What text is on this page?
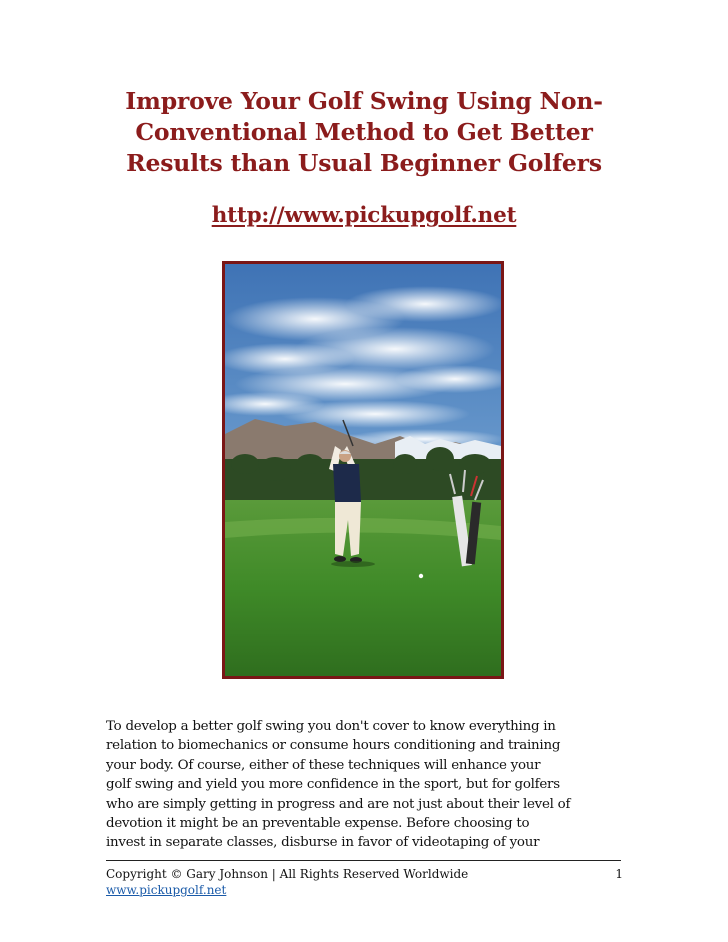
Improve Your Golf Swing Using Non-
Conventional Method to Get Better
Results than Usual Beginner Golfers
http://www.pickupgolf.net
To develop a better golf swing you don't cover to know everything in
relation to biomechanics or consume hours conditioning and training
your body. Of course, either of these techniques will enhance your
golf swing and yield you more confidence in the sport, but for golfers
who are simply getting in progress and are not just about their level of
devotion it might be an preventable expense. Before choosing to
invest in separate classes, disburse in favor of videotaping of your
Copyright © Gary Johnson | All Rights Reserved Worldwide	1
www.pickupgolf.net
